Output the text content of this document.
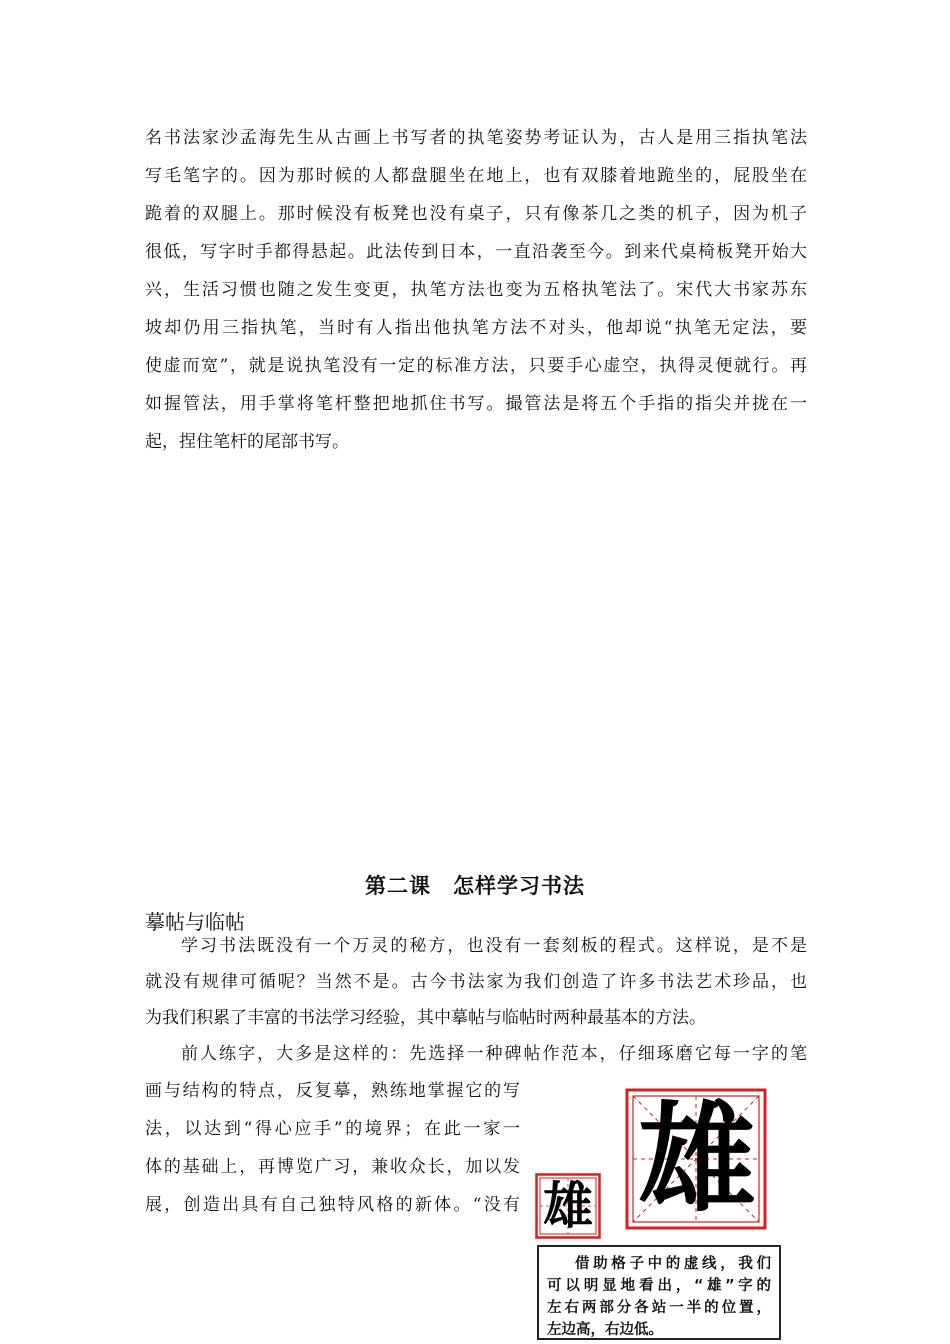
名书法家沙孟海先生从古画上书写者的执笔姿势考证认为，古人是用三指执笔法
写毛笔字的。因为那时候的人都盘腿坐在地上，也有双膝着地跪坐的，屁股坐在
跪着的双腿上。那时候没有板凳也没有桌子，只有像茶几之类的机子，因为机子
很低，写字时手都得悬起。此法传到日本，一直沿袭至今。到来代桌椅板凳开始大
兴，生活习惯也随之发生变更，执笔方法也变为五格执笔法了。宋代大书家苏东
坡却仍用三指执笔，当时有人指出他执笔方法不对头，他却说“执笔无定法，要
使虚而宽”，就是说执笔没有一定的标准方法，只要手心虚空，执得灵便就行。再
如握管法，用手掌将笔杆整把地抓住书写。撮管法是将五个手指的指尖并拢在一
起，捏住笔杆的尾部书写。
第二课　怎样学习书法
摹帖与临帖
学习书法既没有一个万灵的秘方，也没有一套刻板的程式。这样说，是不是
就没有规律可循呢？当然不是。古今书法家为我们创造了许多书法艺术珍品，也
为我们积累了丰富的书法学习经验，其中摹帖与临帖时两种最基本的方法。
前人练字，大多是这样的：先选择一种碑帖作范本，仔细琢磨它每一字的笔
画与结构的特点，反复摹，熟练地掌握它的写
法，以达到“得心应手”的境界；在此一家一
体的基础上，再博览广习，兼收众长，加以发
展，创造出具有自己独特风格的新体。“没有 雄
雄
借助格子中的虚线，我们
可以明显地看出，“雄”字的
左右两部分各站一半的位置，
左边高，右边低。
